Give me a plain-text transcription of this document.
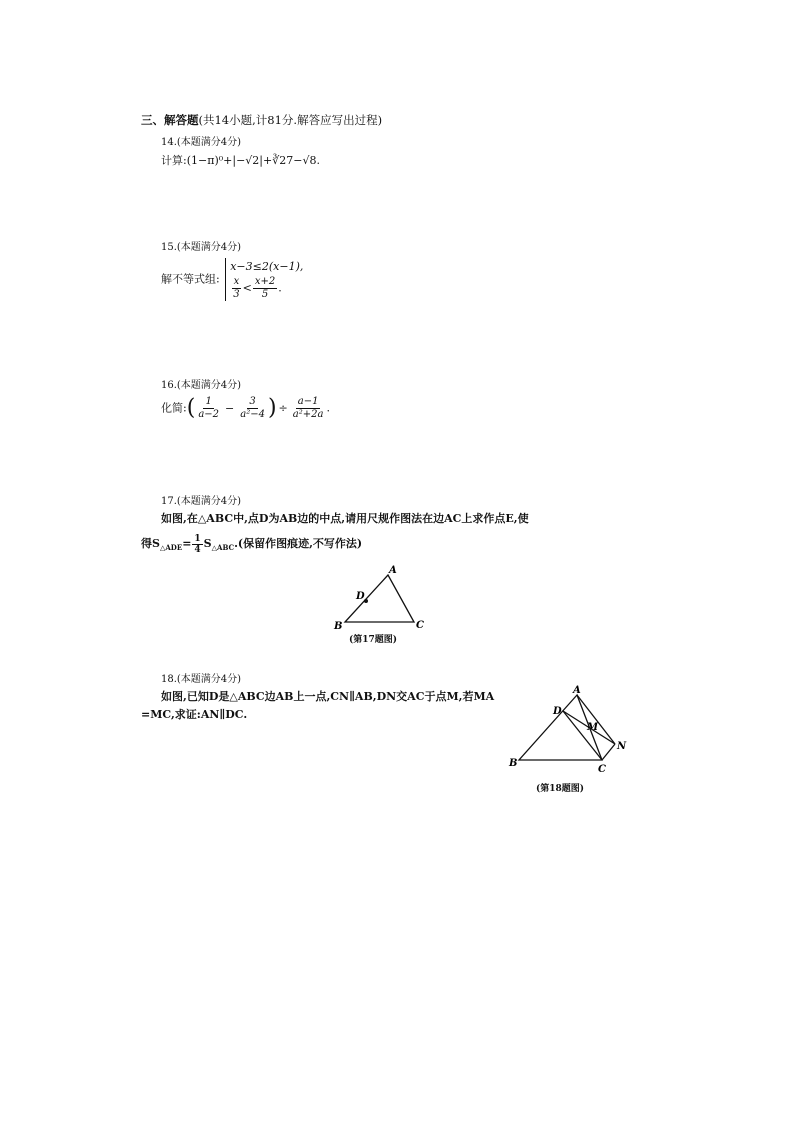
三、解答题(共14小题,计81分.解答应写出过程)
14.(本题满分4分)
计算:(1−π)⁰+|−√2|+∛27−√8.
15.(本题满分4分)
解不等式组:
x−3≤2(x−1),
$\frac{x}{3} < \frac{x+2}{5}$ .
16.(本题满分4分)
化简:( $\frac{1}{a-2} - \frac{3}{\text{a²−4}}$ ) ÷ $\frac{a-1}{\text{a²+2a}}$ .
17.(本题满分4分)
如图,在△ABC中,点D为AB边的中点,请用尺规作图法在边AC上求作点E,使
得$S_{\triangle ADE}= \frac{1}{4} S_{\triangle ABC}$.(保留作图痕迹,不写作法)
A
B	C
D
(第17题图)
18.(本题满分4分)
如图,已知D是△ABC边AB上一点,CN∥AB,DN交AC于点M,若MA
=MC,求证:AN∥DC.
A
B
C
D
M
N
(第18题图)
